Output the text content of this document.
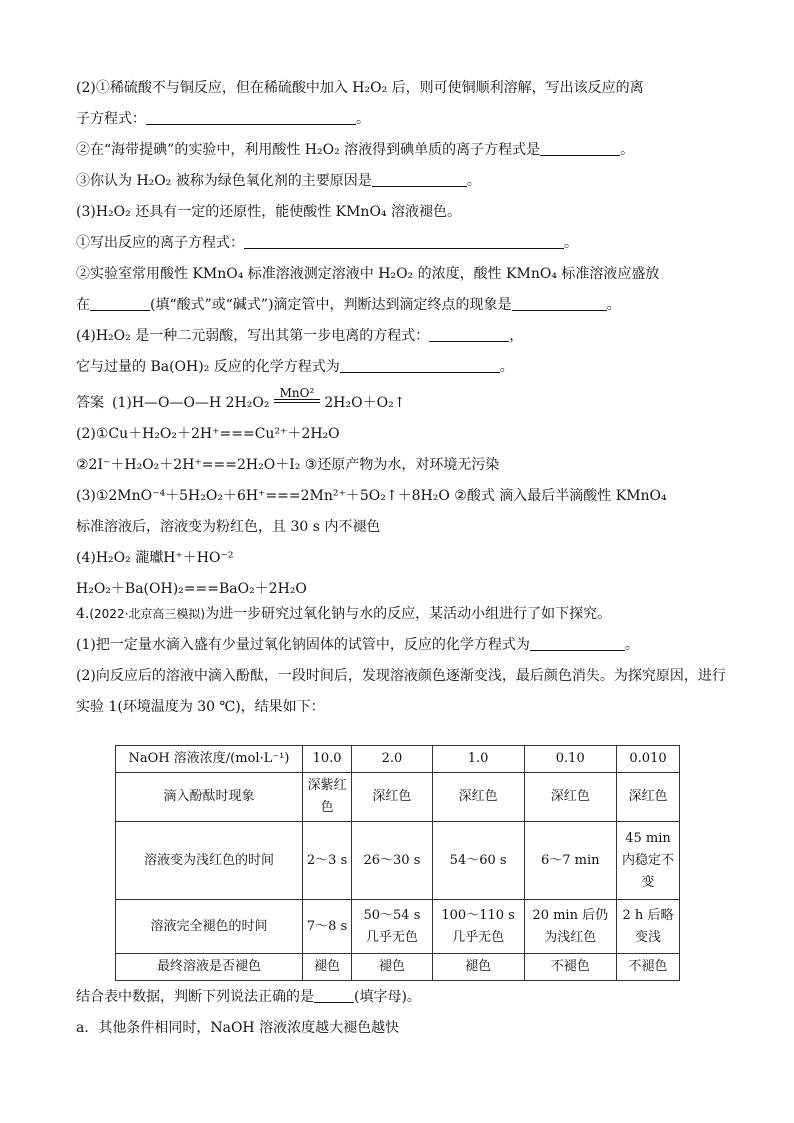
(2)①稀硫酸不与铜反应，但在稀硫酸中加入 H₂O₂ 后，则可使铜顺利溶解，写出该反应的离
子方程式：	。
②在“海带提碘”的实验中，利用酸性 H₂O₂ 溶液得到碘单质的离子方程式是	。
③你认为 H₂O₂ 被称为绿色氧化剂的主要原因是	。
(3)H₂O₂ 还具有一定的还原性，能使酸性 KMnO₄ 溶液褪色。
①写出反应的离子方程式：	。
②实验室常用酸性 KMnO₄ 标准溶液测定溶液中 H₂O₂ 的浓度，酸性 KMnO₄ 标准溶液应盛放
在	(填“酸式”或“碱式”)滴定管中，判断达到滴定终点的现象是	。
(4)H₂O₂ 是一种二元弱酸，写出其第一步电离的方程式：	，
它与过量的 Ba(OH)₂ 反应的化学方程式为	。
答案 (1)H—O—O—H 2H₂O₂
MnO²
2H₂O＋O₂↑
(2)①Cu＋H₂O₂＋2H⁺===Cu²⁺＋2H₂O
②2I⁻＋H₂O₂＋2H⁺===2H₂O＋I₂ ③还原产物为水，对环境无污染
(3)①2MnO⁻⁴＋5H₂O₂＋6H⁺===2Mn²⁺＋5O₂↑＋8H₂O ②酸式 滴入最后半滴酸性 KMnO₄
标准溶液后，溶液变为粉红色，且 30 s 内不褪色
(4)H₂O₂ 瀧瓛H⁺＋HO⁻²
H₂O₂＋Ba(OH)₂===BaO₂＋2H₂O
4.(2022·北京高三模拟)为进一步研究过氧化钠与水的反应，某活动小组进行了如下探究。
(1)把一定量水滴入盛有少量过氧化钠固体的试管中，反应的化学方程式为	。
(2)向反应后的溶液中滴入酚酞，一段时间后，发现溶液颜色逐渐变浅，最后颜色消失。为探究原因，进行
实验 1(环境温度为 30 ℃)，结果如下：
NaOH 溶液浓度/(mol·L⁻¹)	10.0	2.0	1.0	0.10	0.010
滴入酚酞时现象	深紫红色	深红色	深红色	深红色	深红色
溶液变为浅红色的时间	2～3 s	26～30 s	54～60 s	6～7 min	45 min 内稳定不变
溶液完全褪色的时间	7～8 s	50～54 s 几乎无色	100～110 s 几乎无色	20 min 后仍为浅红色	2 h 后略变浅
最终溶液是否褪色	褪色	褪色	褪色	不褪色	不褪色
结合表中数据，判断下列说法正确的是	(填字母)。
a．其他条件相同时，NaOH 溶液浓度越大褪色越快
